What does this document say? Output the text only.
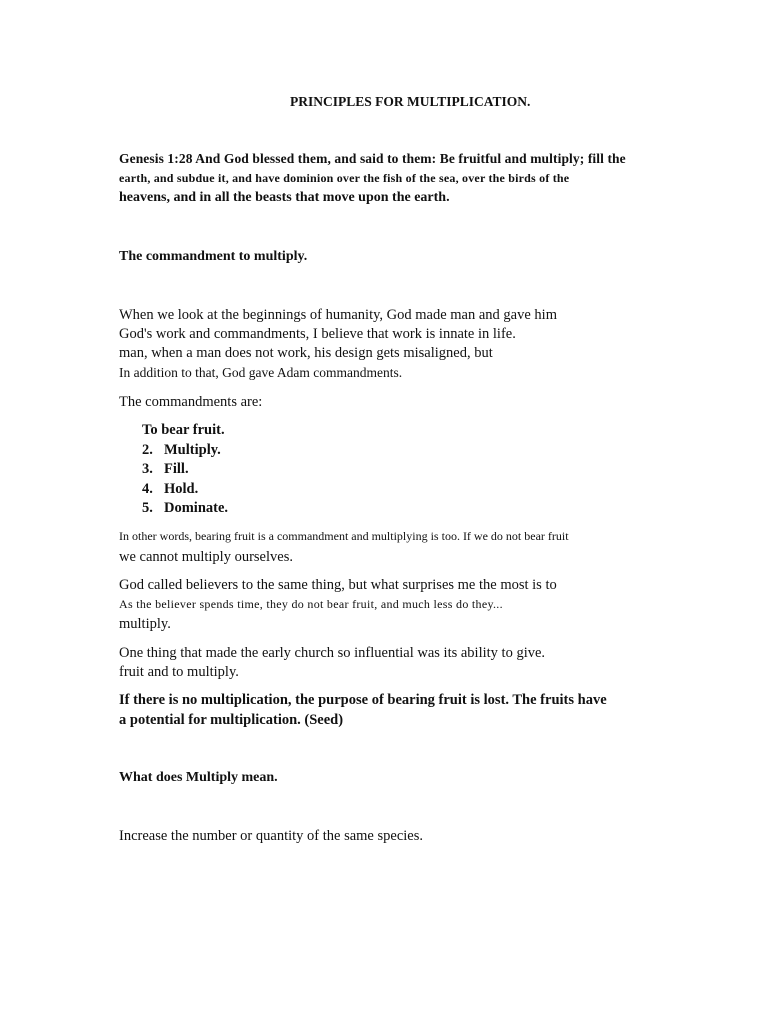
PRINCIPLES FOR MULTIPLICATION.
Genesis 1:28 And God blessed them, and said to them: Be fruitful and multiply; fill the
earth, and subdue it, and have dominion over the fish of the sea, over the birds of the
heavens, and in all the beasts that move upon the earth.
The commandment to multiply.
When we look at the beginnings of humanity, God made man and gave him
God's work and commandments, I believe that work is innate in life.
man, when a man does not work, his design gets misaligned, but
In addition to that, God gave Adam commandments.
The commandments are:
To bear fruit.
2. Multiply.
3. Fill.
4. Hold.
5. Dominate.
In other words, bearing fruit is a commandment and multiplying is too. If we do not bear fruit
we cannot multiply ourselves.
God called believers to the same thing, but what surprises me the most is to
As the believer spends time, they do not bear fruit, and much less do they...
multiply.
One thing that made the early church so influential was its ability to give.
fruit and to multiply.
If there is no multiplication, the purpose of bearing fruit is lost. The fruits have
a potential for multiplication. (Seed)
What does Multiply mean.
Increase the number or quantity of the same species.
